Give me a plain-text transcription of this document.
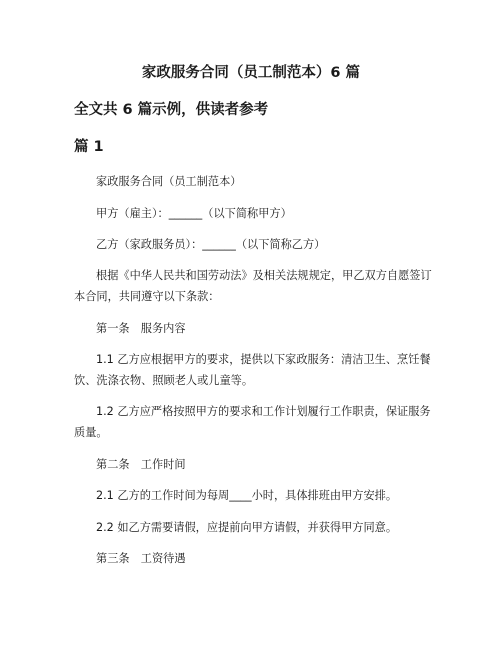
家政服务合同（员工制范本）6 篇
全文共 6 篇示例，供读者参考
篇 1
家政服务合同（员工制范本）
甲方（雇主）：______（以下简称甲方）
乙方（家政服务员）：______（以下简称乙方）
根据《中华人民共和国劳动法》及相关法规规定，甲乙双方自愿签订本合同，共同遵守以下条款：
第一条　服务内容
1.1 乙方应根据甲方的要求，提供以下家政服务：清洁卫生、烹饪餐饮、洗涤衣物、照顾老人或儿童等。
1.2 乙方应严格按照甲方的要求和工作计划履行工作职责，保证服务质量。
第二条　工作时间
2.1 乙方的工作时间为每周____小时，具体排班由甲方安排。
2.2 如乙方需要请假，应提前向甲方请假，并获得甲方同意。
第三条　工资待遇
